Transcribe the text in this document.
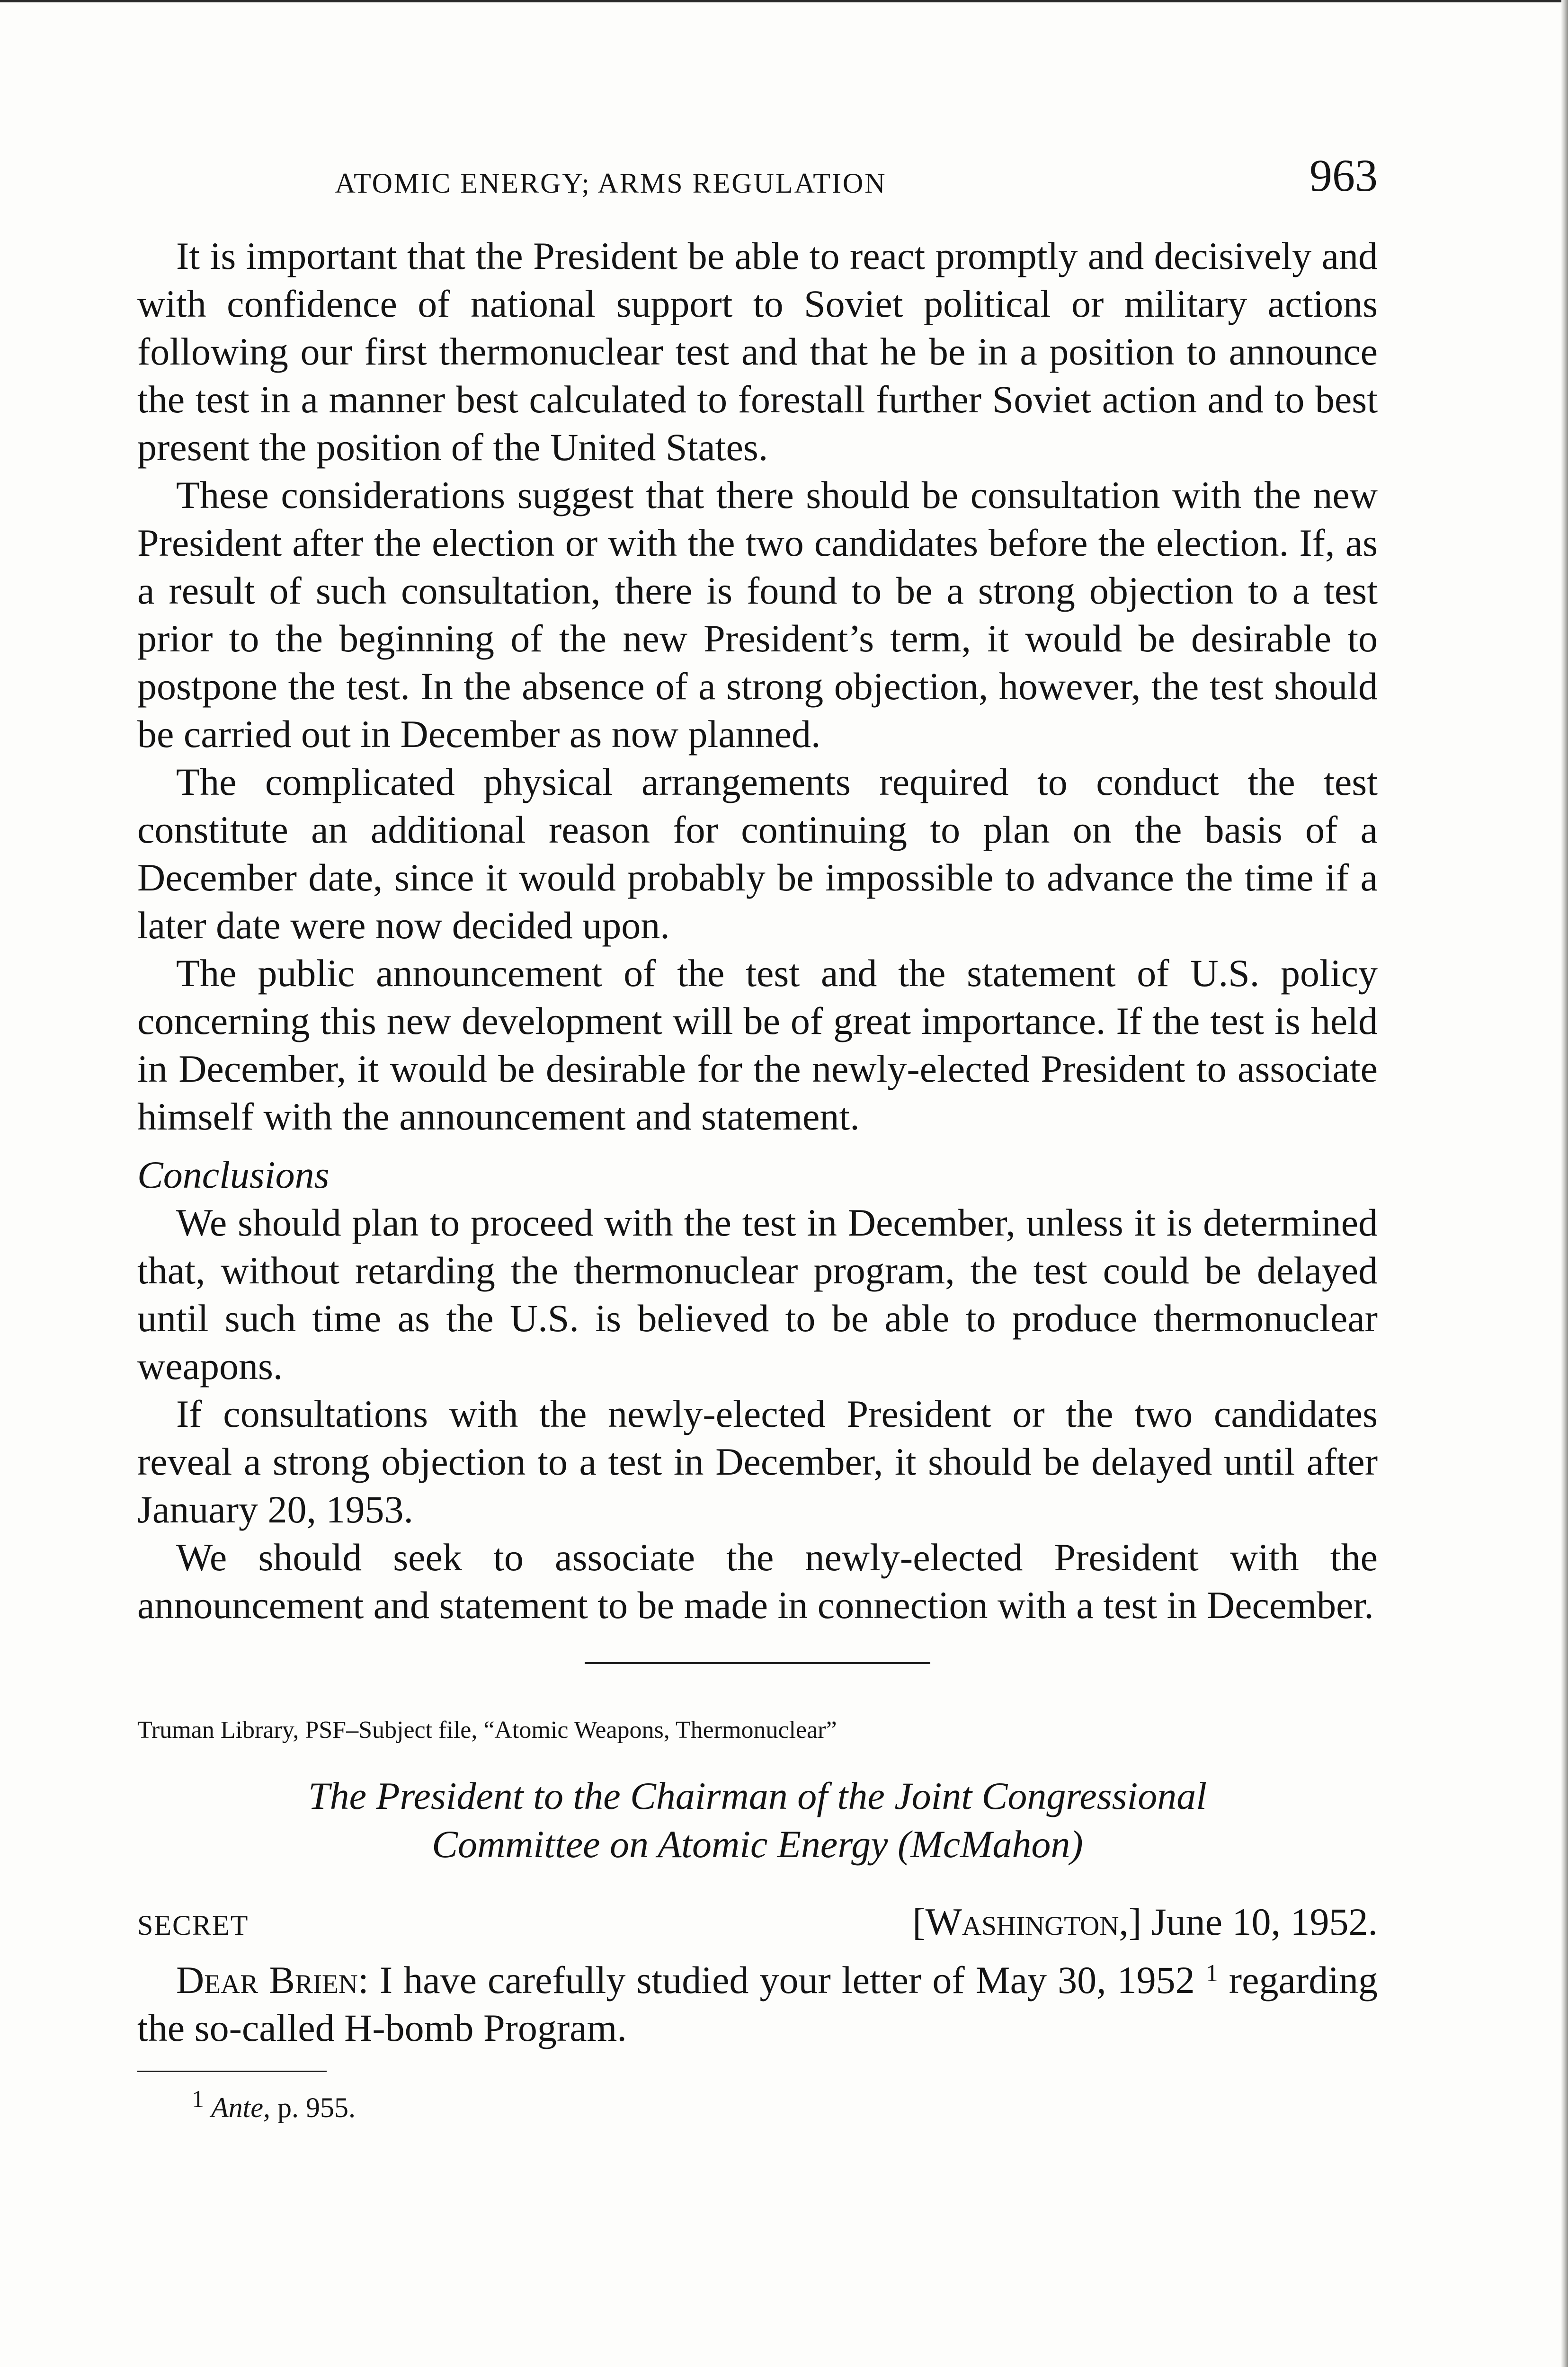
ATOMIC ENERGY; ARMS REGULATION	963

It is important that the President be able to react promptly and decisively and with confidence of national support to Soviet political or military actions following our first thermonuclear test and that he be in a position to announce the test in a manner best calculated to forestall further Soviet action and to best present the position of the United States.

These considerations suggest that there should be consultation with the new President after the election or with the two candidates before the election. If, as a result of such consultation, there is found to be a strong objection to a test prior to the beginning of the new President’s term, it would be desirable to postpone the test. In the absence of a strong objection, however, the test should be carried out in December as now planned.

The complicated physical arrangements required to conduct the test constitute an additional reason for continuing to plan on the basis of a December date, since it would probably be impossible to advance the time if a later date were now decided upon.

The public announcement of the test and the statement of U.S. policy concerning this new development will be of great importance. If the test is held in December, it would be desirable for the newly-elected President to associate himself with the announcement and statement.

Conclusions

We should plan to proceed with the test in December, unless it is determined that, without retarding the thermonuclear program, the test could be delayed until such time as the U.S. is believed to be able to produce thermonuclear weapons.

If consultations with the newly-elected President or the two candidates reveal a strong objection to a test in December, it should be delayed until after January 20, 1953.

We should seek to associate the newly-elected President with the announcement and statement to be made in connection with a test in December.

Truman Library, PSF–Subject file, “Atomic Weapons, Thermonuclear”
The President to the Chairman of the Joint Congressional
Committee on Atomic Energy (McMahon)
SECRET	[Washington,] June 10, 1952.

Dear Brien: I have carefully studied your letter of May 30, 1952 $^1$ regarding the so-called H-bomb Program.

$^1$ Ante, p. 955.
